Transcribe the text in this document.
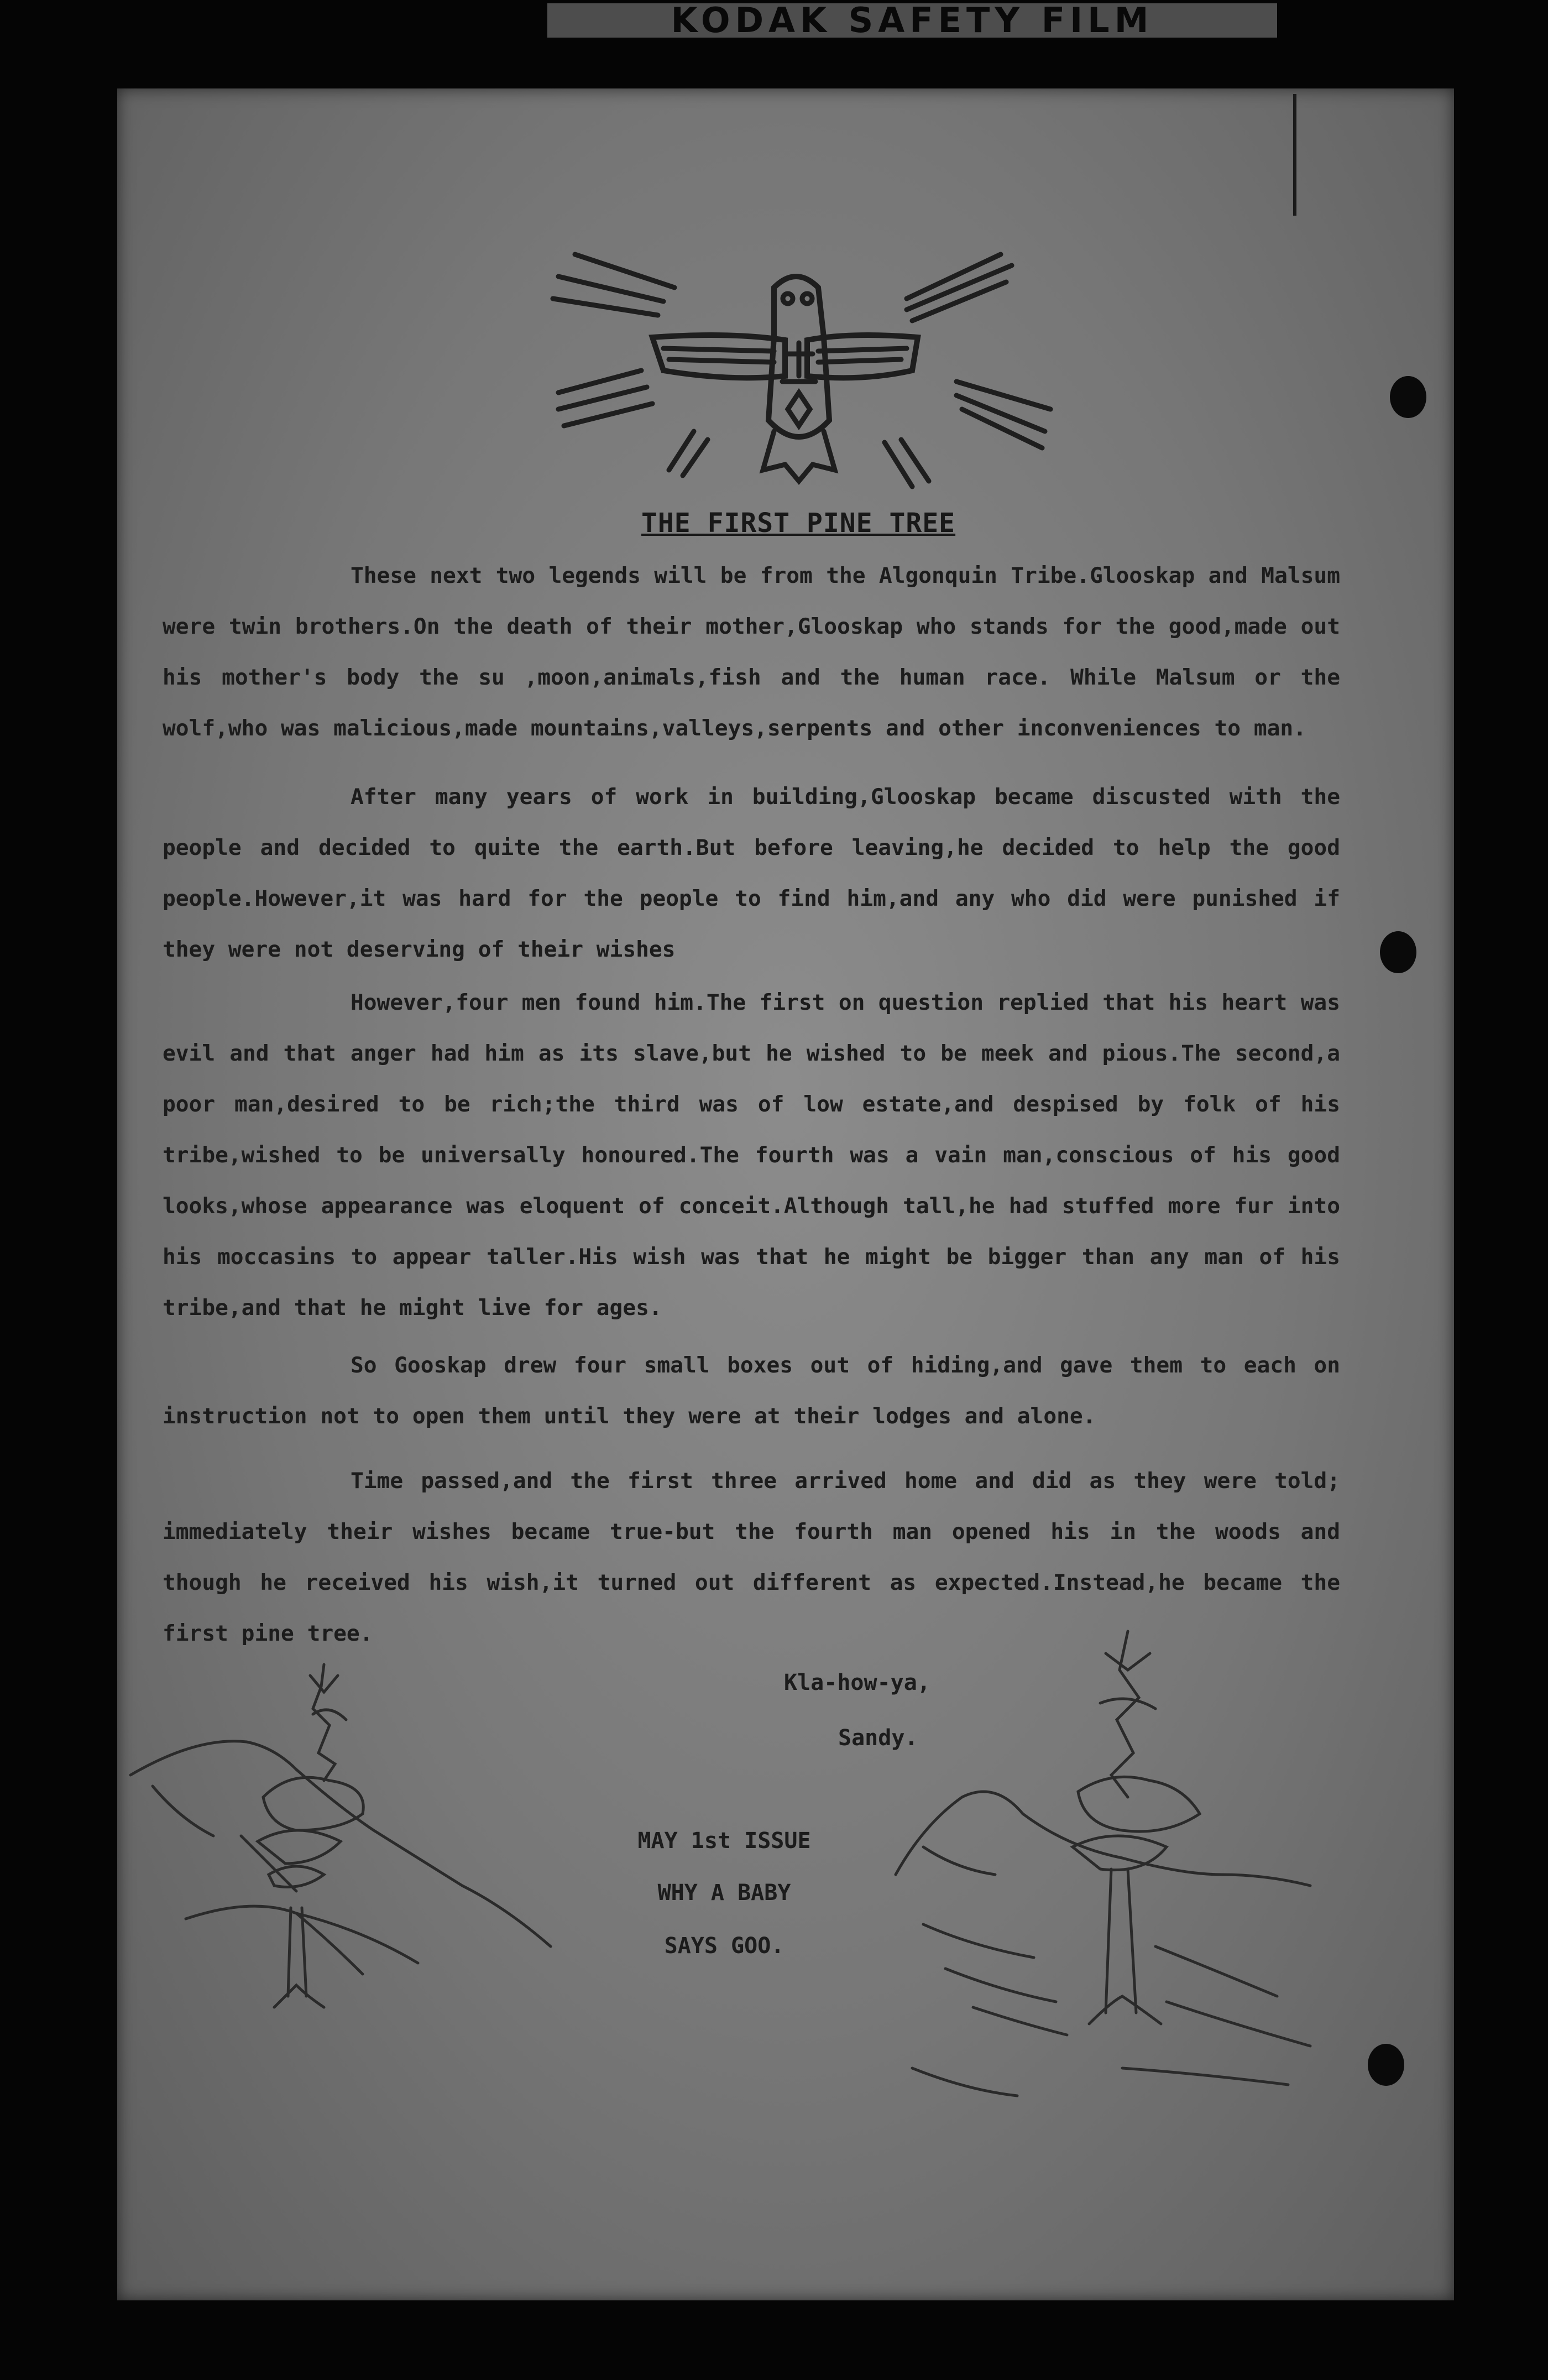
KODAK SAFETY FILM
THE FIRST PINE TREE

These next two legends will be from the Algonquin Tribe.Glooskap and Malsum were twin brothers.On the death of their mother,Glooskap who stands for the good,made out his mother's body the su ,moon,animals,fish and the human race. While Malsum or the wolf,who was malicious,made mountains,valleys,serpents and other inconveniences to man.

After many years of work in building,Glooskap became discusted with the people and decided to quite the earth.But before leaving,he decided to help the good people.However,it was hard for the people to find him,and any who did were punished if they were not deserving of their wishes

However,four men found him.The first on question replied that his heart was evil and that anger had him as its slave,but he wished to be meek and pious.The second,a poor man,desired to be rich;the third was of low estate,and despised by folk of his tribe,wished to be universally honoured.The fourth was a vain man,conscious of his good looks,whose appearance was eloquent of conceit.Although tall,he had stuffed more fur into his moccasins to appear taller.His wish was that he might be bigger than any man of his tribe,and that he might live for ages.

So Gooskap drew four small boxes out of hiding,and gave them to each on instruction not to open them until they were at their lodges and alone.

Time passed,and the first three arrived home and did as they were told; immediately their wishes became true-but the fourth man opened his in the woods and though he received his wish,it turned out different as expected.Instead,he became the first pine tree.

Kla-how-ya,
Sandy.
MAY 1st ISSUE
WHY A BABY
SAYS GOO.
